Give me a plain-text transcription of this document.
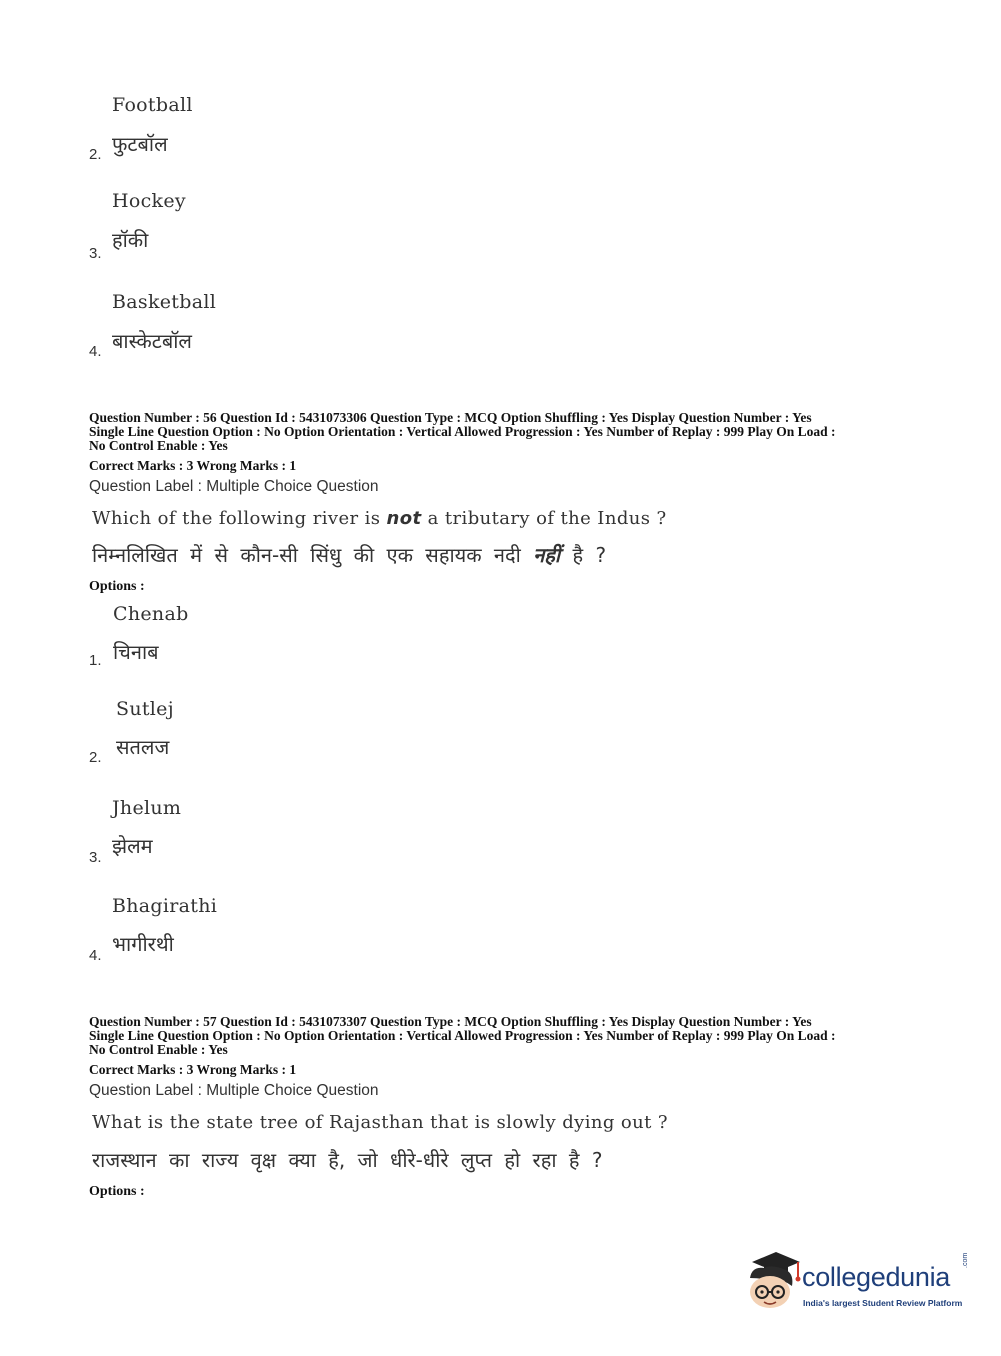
Football
फुटबॉल
2.
Hockey
हॉकी
3.
Basketball
बास्केटबॉल
4.
Question Number : 56 Question Id : 5431073306 Question Type : MCQ Option Shuffling : Yes Display Question Number : Yes
Single Line Question Option : No Option Orientation : Vertical Allowed Progression : Yes Number of Replay : 999 Play On Load :
No Control Enable : Yes
Correct Marks : 3 Wrong Marks : 1
Question Label : Multiple Choice Question
Which of the following river is not a tributary of the Indus ?
निम्नलिखित में से कौन-सी सिंधु की एक सहायक नदी नहीं है ?
Options :
Chenab
चिनाब
1.
Sutlej
सतलज
2.
Jhelum
झेलम
3.
Bhagirathi
भागीरथी
4.
Question Number : 57 Question Id : 5431073307 Question Type : MCQ Option Shuffling : Yes Display Question Number : Yes
Single Line Question Option : No Option Orientation : Vertical Allowed Progression : Yes Number of Replay : 999 Play On Load :
No Control Enable : Yes
Correct Marks : 3 Wrong Marks : 1
Question Label : Multiple Choice Question
What is the state tree of Rajasthan that is slowly dying out ?
राजस्थान का राज्य वृक्ष क्या है, जो धीरे-धीरे लुप्त हो रहा है ?
Options :
collegedunia
.com
India's largest Student Review Platform
